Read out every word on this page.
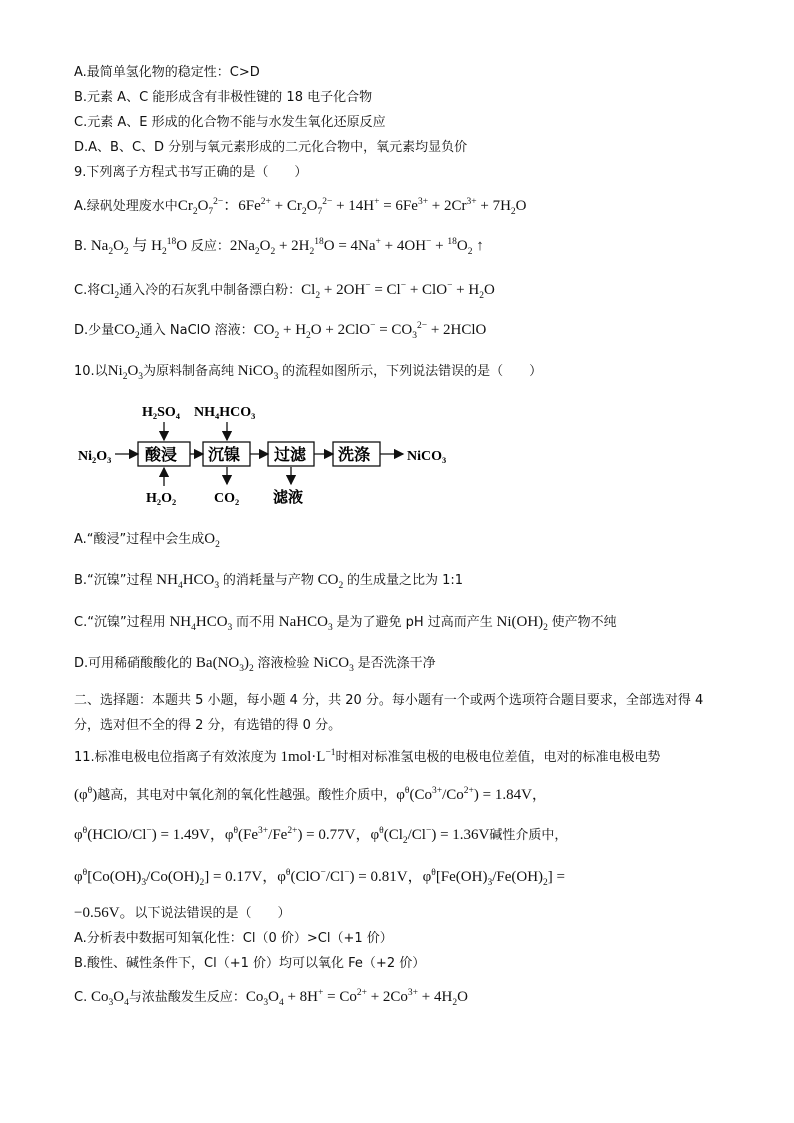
A.最简单氢化物的稳定性：C>D
B.元素 A、C 能形成含有非极性键的 18 电子化合物
C.元素 A、E 形成的化合物不能与水发生氧化还原反应
D.A、B、C、D 分别与氧元素形成的二元化合物中，氧元素均显负价
9.下列离子方程式书写正确的是（　　）
A.绿矾处理废水中$Cr_2O_7^{2-}$：$6Fe^{2+} + Cr_2O_7^{2-} + 14H^+ = 6Fe^{3+} + 2Cr^{3+} + 7H_2O$
B. $Na_2O_2$ 与 $H_2^{18}O$ 反应：$2Na_2O_2 + 2H_2^{18}O = 4Na^+ + 4OH^- + ^{18}O_2$ ↑
C.将$Cl_2$通入冷的石灰乳中制备漂白粉：$Cl_2 + 2OH^- = Cl^- + ClO^- + H_2O$
D.少量$CO_2$通入 NaClO 溶液：$CO_2 + H_2O + 2ClO^- = CO_3^{2-}$ + 2HClO
10.以$Ni_2O_3$为原料制备高纯 NiCO$_3$ 的流程如图所示，下列说法错误的是（　　）
Ni₂O₃ 酸浸 沉镍 过滤 洗涤	NiCO₃
H₂SO₄ NH₄HCO₃
H₂O₂	CO₂ 滤液
A.“酸浸”过程中会生成$O_2$
B.“沉镍”过程 $NH_4HCO_3$ 的消耗量与产物 $CO_2$ 的生成量之比为 1:1
C.“沉镍”过程用 $NH_4HCO_3$ 而不用 NaHCO$_3$ 是为了避免 pH 过高而产生 $Ni(OH)_2$ 使产物不纯
D.可用稀硝酸酸化的 $Ba(NO_3)_2$ 溶液检验 NiCO$_3$ 是否洗涤干净
二、选择题：本题共 5 小题，每小题 4 分，共 20 分。每小题有一个或两个选项符合题目要求，全部选对得 4 分，选对但不全的得 2 分，有选错的得 0 分。
11.标准电极电位指离子有效浓度为 $1mol\cdot L^{-1}$时相对标准氢电极的电极电位差值，电对的标准电极电势
$(\varphi^\theta)$越高，其电对中氧化剂的氧化性越强。酸性介质中，$\varphi^\theta(Co^{3+}/Co^{2+}) = 1.84V$，
$\varphi^\theta(HClO/Cl^-) = 1.49V$，$\varphi^\theta(Fe^{3+}/Fe^{2+}) = 0.77V$，$\varphi^\theta(Cl_2/Cl^-) = 1.36V$碱性介质中，
$\varphi^\theta[Co(OH)_3/Co(OH)_2] = 0.17V$，$\varphi^\theta(ClO^-/Cl^-) = 0.81V$，$\varphi^\theta[Fe(OH)_3/Fe(OH)_2]$ =
−0.56V。以下说法错误的是（　　）
A.分析表中数据可知氧化性：Cl（0 价）>Cl（+1 价）
B.酸性、碱性条件下，Cl（+1 价）均可以氧化 Fe（+2 价）
C. $Co_3O_4$与浓盐酸发生反应：$Co_3O_4 + 8H^+ = Co^{2+} + 2Co^{3+} + 4H_2O$
